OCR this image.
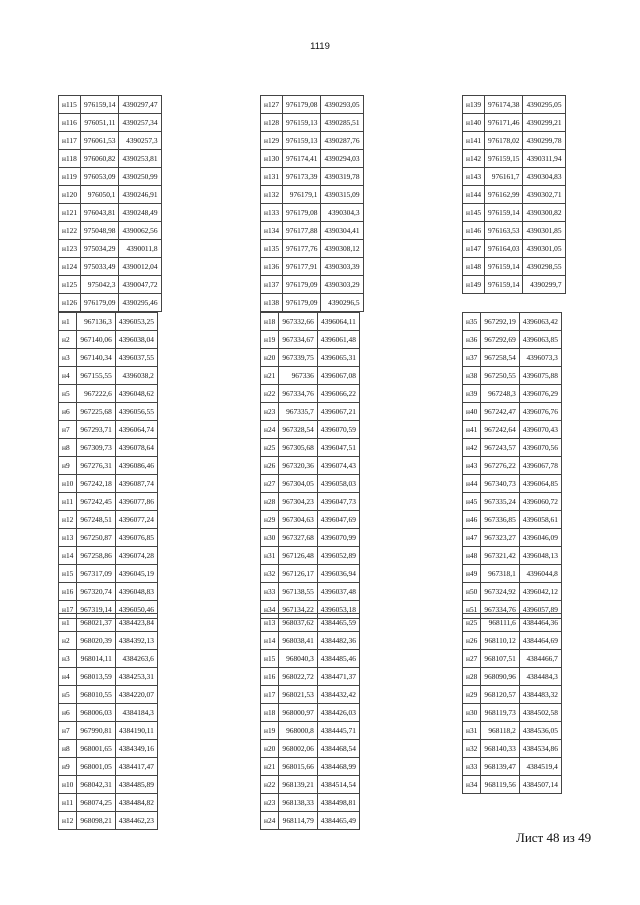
1119
н115	976159,14	4390297,47
н116	976051,11	4390257,34
н117	976061,53	4390257,3
н118	976060,82	4390253,81
н119	976053,09	4390250,99
н120	976050,1	4390246,91
н121	976043,81	4390248,49
н122	975048,98	4390062,56
н123	975034,29	4390011,8
н124	975033,49	4390012,04
н125	975042,3	4390047,72
н126	976179,09	4390295,46
н127	976179,08	4390293,05
н128	976159,13	4390285,51
н129	976159,13	4390287,76
н130	976174,41	4390294,03
н131	976173,39	4390319,78
н132	976179,1	4390315,09
н133	976179,08	4390304,3
н134	976177,88	4390304,41
н135	976177,76	4390308,12
н136	976177,91	4390303,39
н137	976179,09	4390303,29
н138	976179,09	4390296,5
н139	976174,38	4390295,05
н140	976171,46	4390299,21
н141	976178,02	4390299,78
н142	976159,15	4390311,94
н143	976161,7	4390304,83
н144	976162,99	4390302,71
н145	976159,14	4390300,82
н146	976163,53	4390301,85
н147	976164,03	4390301,05
н148	976159,14	4390298,55
н149	976159,14	4390299,7
н1	967136,3	4396053,25
н2	967140,06	4396038,04
н3	967140,34	4396037,55
н4	967155,55	4396038,2
н5	967222,6	4396048,62
н6	967225,68	4396056,55
н7	967293,71	4396064,74
н8	967309,73	4396078,64
н9	967276,31	4396086,46
н10	967242,18	4396087,74
н11	967242,45	4396077,86
н12	967248,51	4396077,24
н13	967250,87	4396076,85
н14	967258,86	4396074,28
н15	967317,09	4396045,19
н16	967320,74	4396048,83
н17	967319,14	4396050,46
н18	967332,66	4396064,11
н19	967334,67	4396061,48
н20	967339,75	4396065,31
н21	967336	4396067,08
н22	967334,76	4396066,22
н23	967335,7	4396067,21
н24	967328,54	4396070,59
н25	967305,68	4396047,51
н26	967320,36	4396074,43
н27	967304,05	4396058,03
н28	967304,23	4396047,73
н29	967304,63	4396047,69
н30	967327,68	4396070,99
н31	967126,48	4396052,89
н32	967126,17	4396036,94
н33	967138,55	4396037,48
н34	967134,22	4396053,18
н35	967292,19	4396063,42
н36	967292,69	4396063,85
н37	967258,54	4396073,3
н38	967250,55	4396075,88
н39	967248,3	4396076,29
н40	967242,47	4396076,76
н41	967242,64	4396070,43
н42	967243,57	4396070,56
н43	967276,22	4396067,78
н44	967340,73	4396064,85
н45	967335,24	4396060,72
н46	967336,85	4396058,61
н47	967323,27	4396046,09
н48	967321,42	4396048,13
н49	967318,1	4396044,8
н50	967324,92	4396042,12
н51	967334,76	4396057,89
н1	968021,37	4384423,84
н2	968020,39	4384392,13
н3	968014,11	4384263,6
н4	968013,59	4384253,31
н5	968010,55	4384220,07
н6	968006,03	4384184,3
н7	967990,81	4384190,11
н8	968001,65	4384349,16
н9	968001,05	4384417,47
н10	968042,31	4384485,89
н11	968074,25	4384484,82
н12	968098,21	4384462,23
н13	968037,62	4384465,59
н14	968038,41	4384482,36
н15	968040,3	4384485,46
н16	968022,72	4384471,37
н17	968021,53	4384432,42
н18	968000,97	4384426,03
н19	968000,8	4384445,71
н20	968002,06	4384468,54
н21	968015,66	4384468,99
н22	968139,21	4384514,54
н23	968138,33	4384498,81
н24	968114,79	4384465,49
н25	968111,6	4384464,36
н26	968110,12	4384464,69
н27	968107,51	4384466,7
н28	968090,96	4384484,3
н29	968120,57	4384483,32
н30	968119,73	4384502,58
н31	968118,2	4384536,05
н32	968140,33	4384534,86
н33	968139,47	4384519,4
н34	968119,56	4384507,14
Лист 48 из 49
